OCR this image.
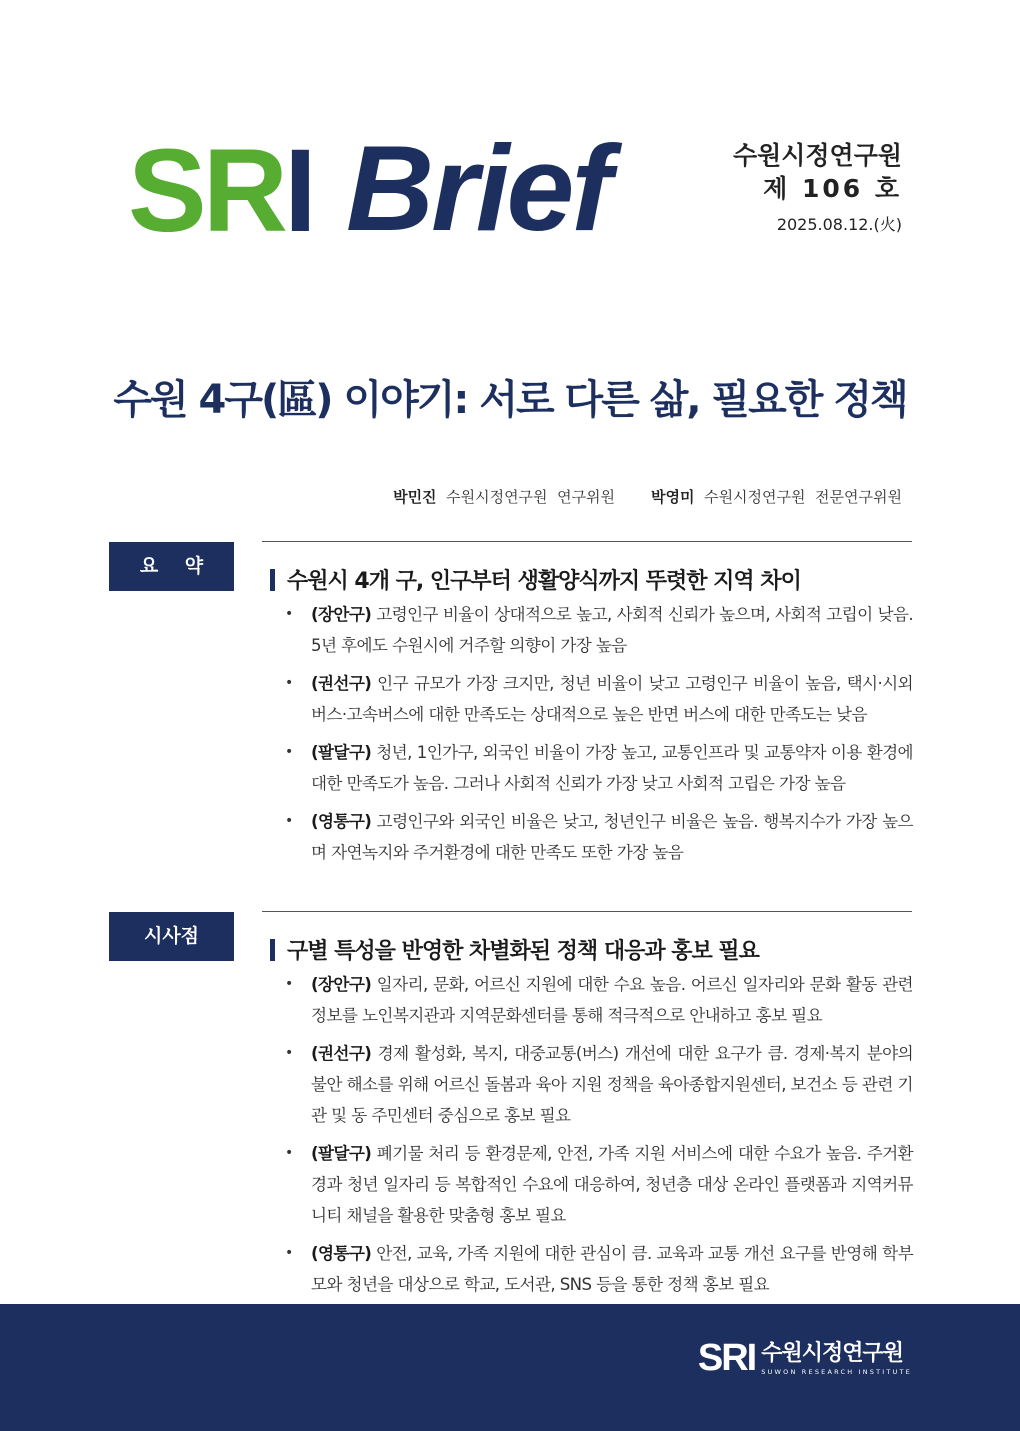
SRI Brief	수원시정연구원
제 106 호
2025.08.12.(火)
수원 4구(區) 이야기: 서로 다른 삶, 필요한 정책
박민진 수원시정연구원  연구위원 박영미 수원시정연구원  전문연구위원
요    약
수원시 4개 구, 인구부터 생활양식까지 뚜렷한 지역 차이
• (장안구) 고령인구 비율이 상대적으로 높고, 사회적 신뢰가 높으며, 사회적 고립이 낮음. 5년 후에도 수원시에 거주할 의향이 가장 높음
• (권선구) 인구 규모가 가장 크지만, 청년 비율이 낮고 고령인구 비율이 높음, 택시·시외버스·고속버스에 대한 만족도는 상대적으로 높은 반면 버스에 대한 만족도는 낮음
• (팔달구) 청년, 1인가구, 외국인 비율이 가장 높고, 교통인프라 및 교통약자 이용 환경에 대한 만족도가 높음. 그러나 사회적 신뢰가 가장 낮고 사회적 고립은 가장 높음
• (영통구) 고령인구와 외국인 비율은 낮고, 청년인구 비율은 높음. 행복지수가 가장 높으며 자연녹지와 주거환경에 대한 만족도 또한 가장 높음
시사점
구별 특성을 반영한 차별화된 정책 대응과 홍보 필요
• (장안구) 일자리, 문화, 어르신 지원에 대한 수요 높음. 어르신 일자리와 문화 활동 관련 정보를 노인복지관과 지역문화센터를 통해 적극적으로 안내하고 홍보 필요
• (권선구) 경제 활성화, 복지, 대중교통(버스) 개선에 대한 요구가 큼. 경제·복지 분야의 불안 해소를 위해 어르신 돌봄과 육아 지원 정책을 육아종합지원센터, 보건소 등 관련 기관 및 동 주민센터 중심으로 홍보 필요
• (팔달구) 폐기물 처리 등 환경문제, 안전, 가족 지원 서비스에 대한 수요가 높음. 주거환경과 청년 일자리 등 복합적인 수요에 대응하여, 청년층 대상 온라인 플랫폼과 지역커뮤니티 채널을 활용한 맞춤형 홍보 필요
• (영통구) 안전, 교육, 가족 지원에 대한 관심이 큼. 교육과 교통 개선 요구를 반영해 학부모와 청년을 대상으로 학교, 도서관, SNS 등을 통한 정책 홍보 필요
SRI 수원시정연구원
SUWON RESEARCH INSTITUTE
